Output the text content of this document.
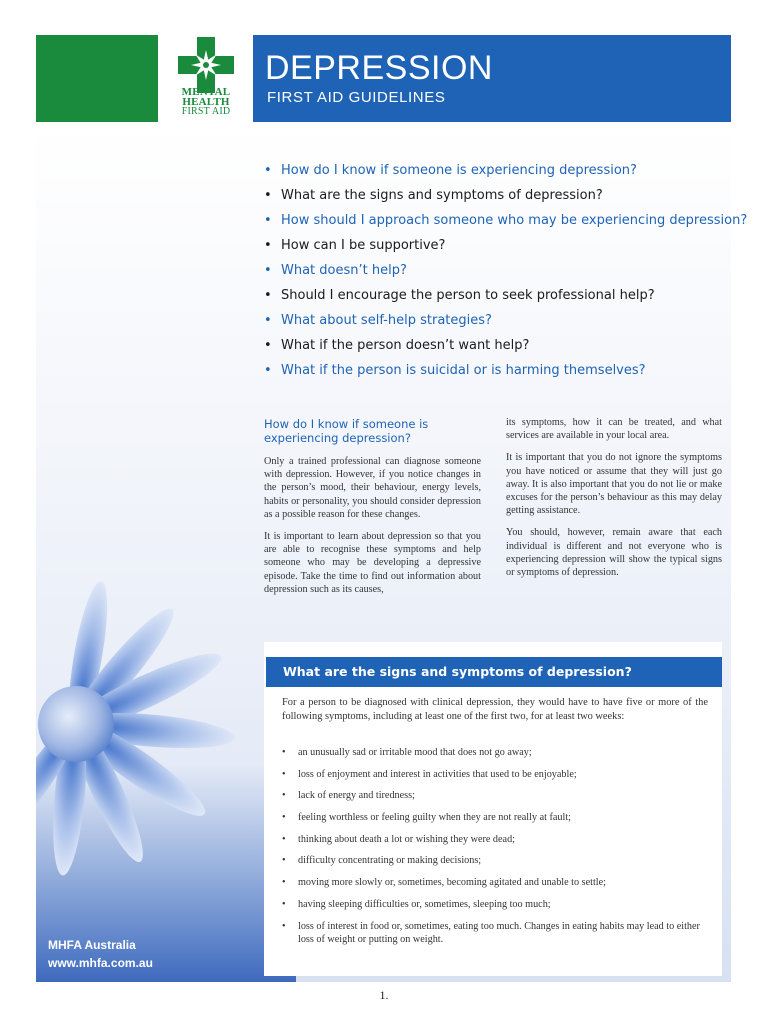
MENTAL
HEALTH
FIRST AID
DEPRESSION
FIRST AID GUIDELINES
• How do I know if someone is experiencing depression?
• What are the signs and symptoms of depression?
• How should I approach someone who may be experiencing depression?
• How can I be supportive?
• What doesn’t help?
• Should I encourage the person to seek professional help?
• What about self-help strategies?
• What if the person doesn’t want help?
• What if the person is suicidal or is harming themselves?
How do I know if someone is experiencing depression?

Only a trained professional can diagnose someone with depression. However, if you notice changes in the person’s mood, their behaviour, energy levels, habits or personality, you should consider depression as a possible reason for these changes.

It is important to learn about depression so that you are able to recognise these symptoms and help someone who may be developing a depressive episode. Take the time to find out information about depression such as its causes,

its symptoms, how it can be treated, and what services are available in your local area.

It is important that you do not ignore the symptoms you have noticed or assume that they will just go away. It is also important that you do not lie or make excuses for the person’s behaviour as this may delay getting assistance.

You should, however, remain aware that each individual is different and not everyone who is experiencing depression will show the typical signs or symptoms of depression.

What are the signs and symptoms of depression?
For a person to be diagnosed with clinical depression, they would have to have five or more of the following symptoms, including at least one of the first two, for at least two weeks:
• an unusually sad or irritable mood that does not go away;
• loss of enjoyment and interest in activities that used to be enjoyable;
• lack of energy and tiredness;
• feeling worthless or feeling guilty when they are not really at fault;
• thinking about death a lot or wishing they were dead;
• difficulty concentrating or making decisions;
• moving more slowly or, sometimes, becoming agitated and unable to settle;
• having sleeping difficulties or, sometimes, sleeping too much;
• loss of interest in food or, sometimes, eating too much. Changes in eating habits may lead to either loss of weight or putting on weight.
MHFA Australia
www.mhfa.com.au
1.
